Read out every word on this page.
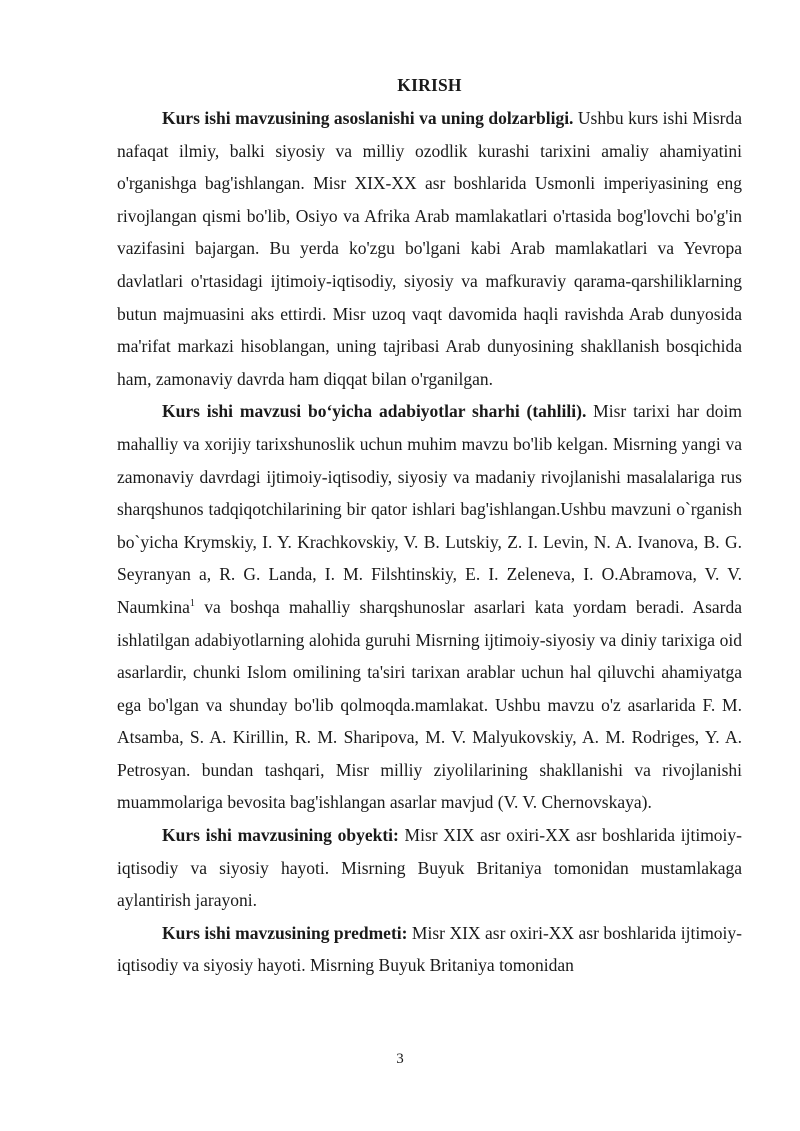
KIRISH

Kurs ishi mavzusining asoslanishi va uning dolzarbligi. Ushbu kurs ishi Misrda nafaqat ilmiy, balki siyosiy va milliy ozodlik kurashi tarixini amaliy ahamiyatini o'rganishga bag'ishlangan. Misr XIX-XX asr boshlarida Usmonli imperiyasining eng rivojlangan qismi bo'lib, Osiyo va Afrika Arab mamlakatlari o'rtasida bog'lovchi bo'g'in vazifasini bajargan. Bu yerda ko'zgu bo'lgani kabi Arab mamlakatlari va Yevropa davlatlari o'rtasidagi ijtimoiy-iqtisodiy, siyosiy va mafkuraviy qarama-qarshiliklarning butun majmuasini aks ettirdi. Misr uzoq vaqt davomida haqli ravishda Arab dunyosida ma'rifat markazi hisoblangan, uning tajribasi Arab dunyosining shakllanish bosqichida ham, zamonaviy davrda ham diqqat bilan o'rganilgan.

Kurs ishi mavzusi bo‘yicha adabiyotlar sharhi (tahlili). Misr tarixi har doim mahalliy va xorijiy tarixshunoslik uchun muhim mavzu bo'lib kelgan. Misrning yangi va zamonaviy davrdagi ijtimoiy-iqtisodiy, siyosiy va madaniy rivojlanishi masalalariga rus sharqshunos tadqiqotchilarining bir qator ishlari bag'ishlangan.Ushbu mavzuni o`rganish bo`yicha Krymskiy, I. Y. Krachkovskiy, V. B. Lutskiy, Z. I. Levin, N. A. Ivanova, B. G. Seyranyan a, R. G. Landa, I. M. Filshtinskiy, E. I. Zeleneva, I. O.Abramova, V. V. Naumkina$^1$ va boshqa mahalliy sharqshunoslar asarlari kata yordam beradi. Asarda ishlatilgan adabiyotlarning alohida guruhi Misrning ijtimoiy-siyosiy va diniy tarixiga oid asarlardir, chunki Islom omilining ta'siri tarixan arablar uchun hal qiluvchi ahamiyatga ega bo'lgan va shunday bo'lib qolmoqda.mamlakat. Ushbu mavzu o'z asarlarida F. M. Atsamba, S. A. Kirillin, R. M. Sharipova, M. V. Malyukovskiy, A. M. Rodriges, Y. A. Petrosyan. bundan tashqari, Misr milliy ziyolilarining shakllanishi va rivojlanishi muammolariga bevosita bag'ishlangan asarlar mavjud (V. V. Chernovskaya).

Kurs ishi mavzusining obyekti: Misr XIX asr oxiri-XX asr boshlarida ijtimoiy-iqtisodiy va siyosiy hayoti. Misrning Buyuk Britaniya tomonidan mustamlakaga aylantirish jarayoni.

Kurs ishi mavzusining predmeti: Misr XIX asr oxiri-XX asr boshlarida ijtimoiy-iqtisodiy va siyosiy hayoti. Misrning Buyuk Britaniya tomonidan

3
